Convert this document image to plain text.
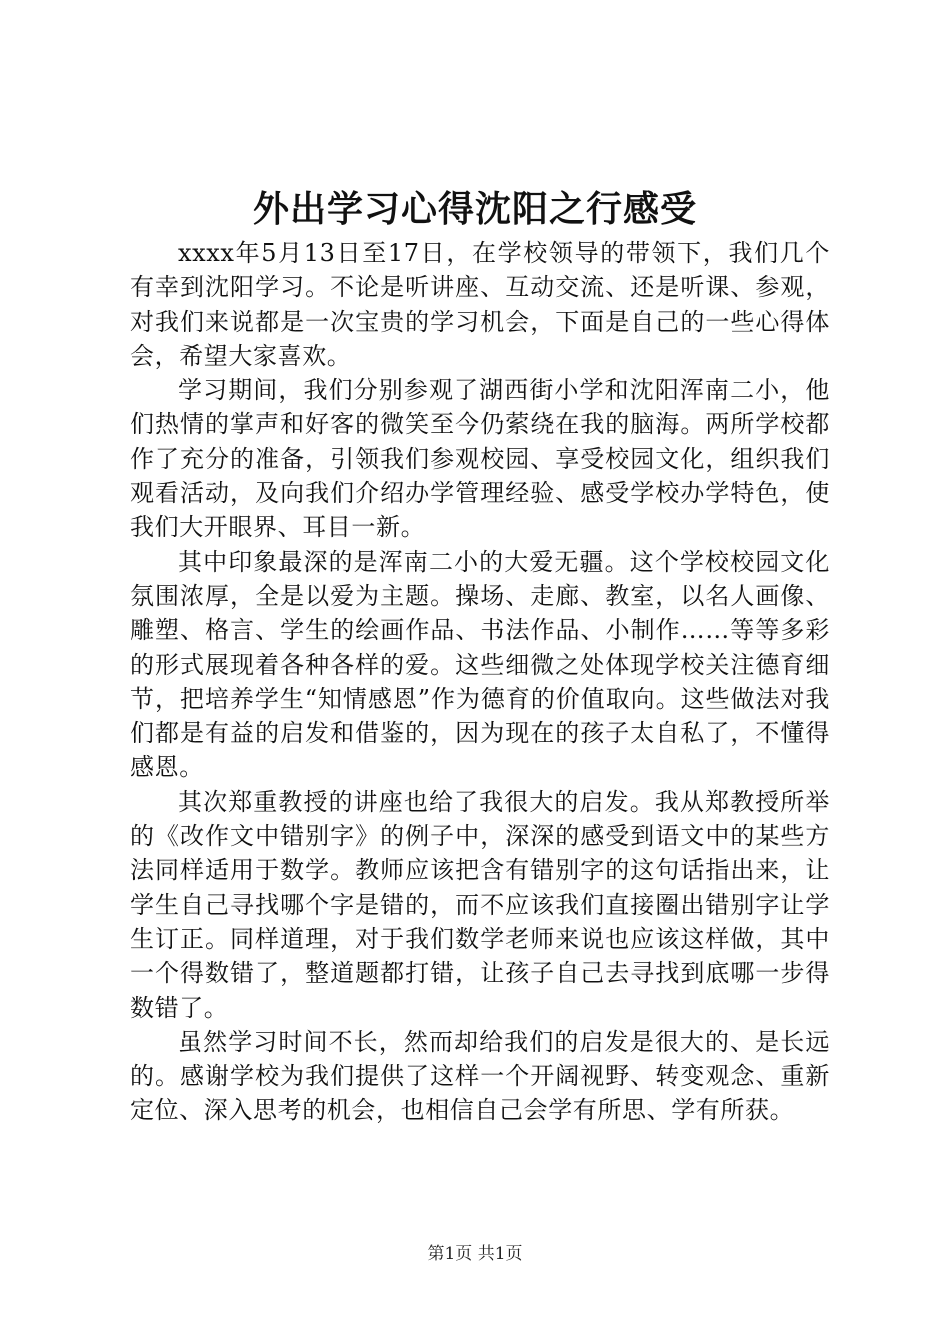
外出学习心得沈阳之行感受

xxxx年5月13日至17日，在学校领导的带领下，我们几个有幸到沈阳学习。不论是听讲座、互动交流、还是听课、参观，对我们来说都是一次宝贵的学习机会，下面是自己的一些心得体会，希望大家喜欢。

学习期间，我们分别参观了湖西街小学和沈阳浑南二小，他们热情的掌声和好客的微笑至今仍萦绕在我的脑海。两所学校都作了充分的准备，引领我们参观校园、享受校园文化，组织我们观看活动，及向我们介绍办学管理经验、感受学校办学特色，使我们大开眼界、耳目一新。

其中印象最深的是浑南二小的大爱无疆。这个学校校园文化氛围浓厚，全是以爱为主题。操场、走廊、教室，以名人画像、雕塑、格言、学生的绘画作品、书法作品、小制作……等等多彩的形式展现着各种各样的爱。这些细微之处体现学校关注德育细节，把培养学生“知情感恩”作为德育的价值取向。这些做法对我们都是有益的启发和借鉴的，因为现在的孩子太自私了，不懂得感恩。

其次郑重教授的讲座也给了我很大的启发。我从郑教授所举的《改作文中错别字》的例子中，深深的感受到语文中的某些方法同样适用于数学。教师应该把含有错别字的这句话指出来，让学生自己寻找哪个字是错的，而不应该我们直接圈出错别字让学生订正。同样道理，对于我们数学老师来说也应该这样做，其中一个得数错了，整道题都打错，让孩子自己去寻找到底哪一步得数错了。

虽然学习时间不长，然而却给我们的启发是很大的、是长远的。感谢学校为我们提供了这样一个开阔视野、转变观念、重新定位、深入思考的机会，也相信自己会学有所思、学有所获。

第1页 共1页
